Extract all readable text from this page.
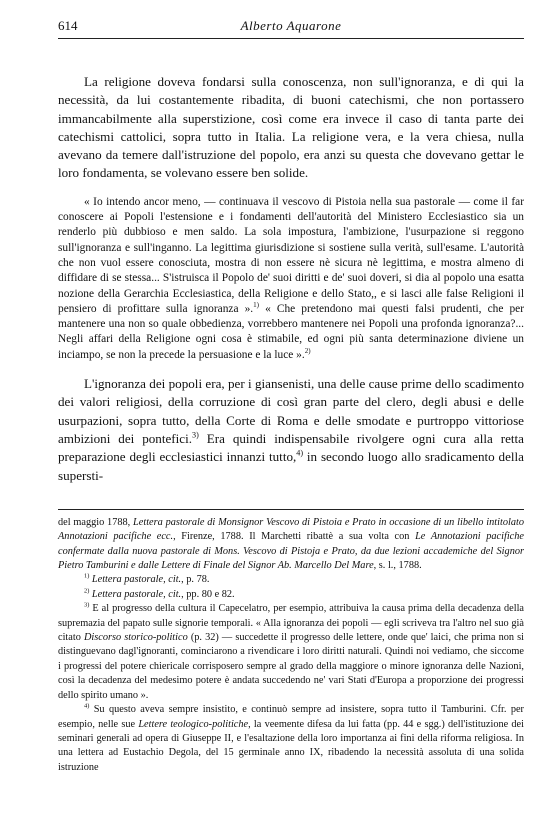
614	Alberto Aquarone

La religione doveva fondarsi sulla conoscenza, non sull'ignoranza, e di qui la necessità, da lui costantemente ribadita, di buoni catechismi, che non portassero immancabilmente alla superstizione, così come era invece il caso di tanta parte dei catechismi cattolici, sopra tutto in Italia. La religione vera, e la vera chiesa, nulla avevano da temere dall'istruzione del popolo, era anzi su questa che dovevano gettar le loro fondamenta, se volevano essere ben solide.

« Io intendo ancor meno, — continuava il vescovo di Pistoia nella sua pastorale — come il far conoscere ai Popoli l'estensione e i fondamenti dell'autorità del Ministero Ecclesiastico sia un renderlo più dubbioso e men saldo. La sola impostura, l'ambizione, l'usurpazione si reggono sull'ignoranza e sull'inganno. La legittima giurisdizione si sostiene sulla verità, sull'esame. L'autorità che non vuol essere conosciuta, mostra di non essere nè sicura nè legittima, e mostra almeno di diffidare di se stessa... S'istruisca il Popolo de' suoi diritti e de' suoi doveri, si dia al popolo una esatta nozione della Gerarchia Ecclesiastica, della Religione e dello Stato,, e si lasci alle false Religioni il pensiero di profittare sulla ignoranza ».$^{1)}$ « Che pretendono mai questi falsi prudenti, che per mantenere una non so quale obbedienza, vorrebbero mantenere nei Popoli una profonda ignoranza?... Negli affari della Religione ogni cosa è stimabile, ed ogni più santa determinazione diviene un inciampo, se non la precede la persuasione e la luce ».$^{2)}$

L'ignoranza dei popoli era, per i giansenisti, una delle cause prime dello scadimento dei valori religiosi, della corruzione di così gran parte del clero, degli abusi e delle usurpazioni, sopra tutto, della Corte di Roma e delle smodate e purtroppo vittoriose ambizioni dei pontefici.$^{3)}$ Era quindi indispensabile rivolgere ogni cura alla retta preparazione degli ecclesiastici innanzi tutto,$^{4)}$ in secondo luogo allo sradicamento della supersti-

del maggio 1788, Lettera pastorale di Monsignor Vescovo di Pistoia e Prato in occasione di un libello intitolato Annotazioni pacifiche ecc., Firenze, 1788. Il Marchetti ribattè a sua volta con Le Annotazioni pacifiche confermate dalla nuova pastorale di Mons. Vescovo di Pistoja e Prato, da due lezioni accademiche del Signor Pietro Tamburini e dalle Lettere di Finale del Signor Ab. Marcello Del Mare, s. l., 1788.

$^{1)}$ Lettera pastorale, cit., p. 78.

$^{2)}$ Lettera pastorale, cit., pp. 80 e 82.

$^{3)}$ E al progresso della cultura il Capecelatro, per esempio, attribuiva la causa prima della decadenza della supremazia del papato sulle signorie temporali. « Alla ignoranza dei popoli — egli scriveva tra l'altro nel suo già citato Discorso storico-politico (p. 32) — succedette il progresso delle lettere, onde que' laici, che prima non si distinguevano dagl'ignoranti, cominciarono a rivendicare i loro diritti naturali. Quindi noi vediamo, che siccome i progressi del potere chiericale corrisposero sempre al grado della maggiore o minore ignoranza delle Nazioni, così la decadenza del medesimo potere è andata succedendo ne' vari Stati d'Europa a proporzione dei progressi dello spirito umano ».

$^{4)}$ Su questo aveva sempre insistito, e continuò sempre ad insistere, sopra tutto il Tamburini. Cfr. per esempio, nelle sue Lettere teologico-politiche, la veemente difesa da lui fatta (pp. 44 e sgg.) dell'istituzione dei seminari generali ad opera di Giuseppe II, e l'esaltazione della loro importanza ai fini della riforma religiosa. In una lettera ad Eustachio Degola, del 15 germinale anno IX, ribadendo la necessità assoluta di una solida istruzione
